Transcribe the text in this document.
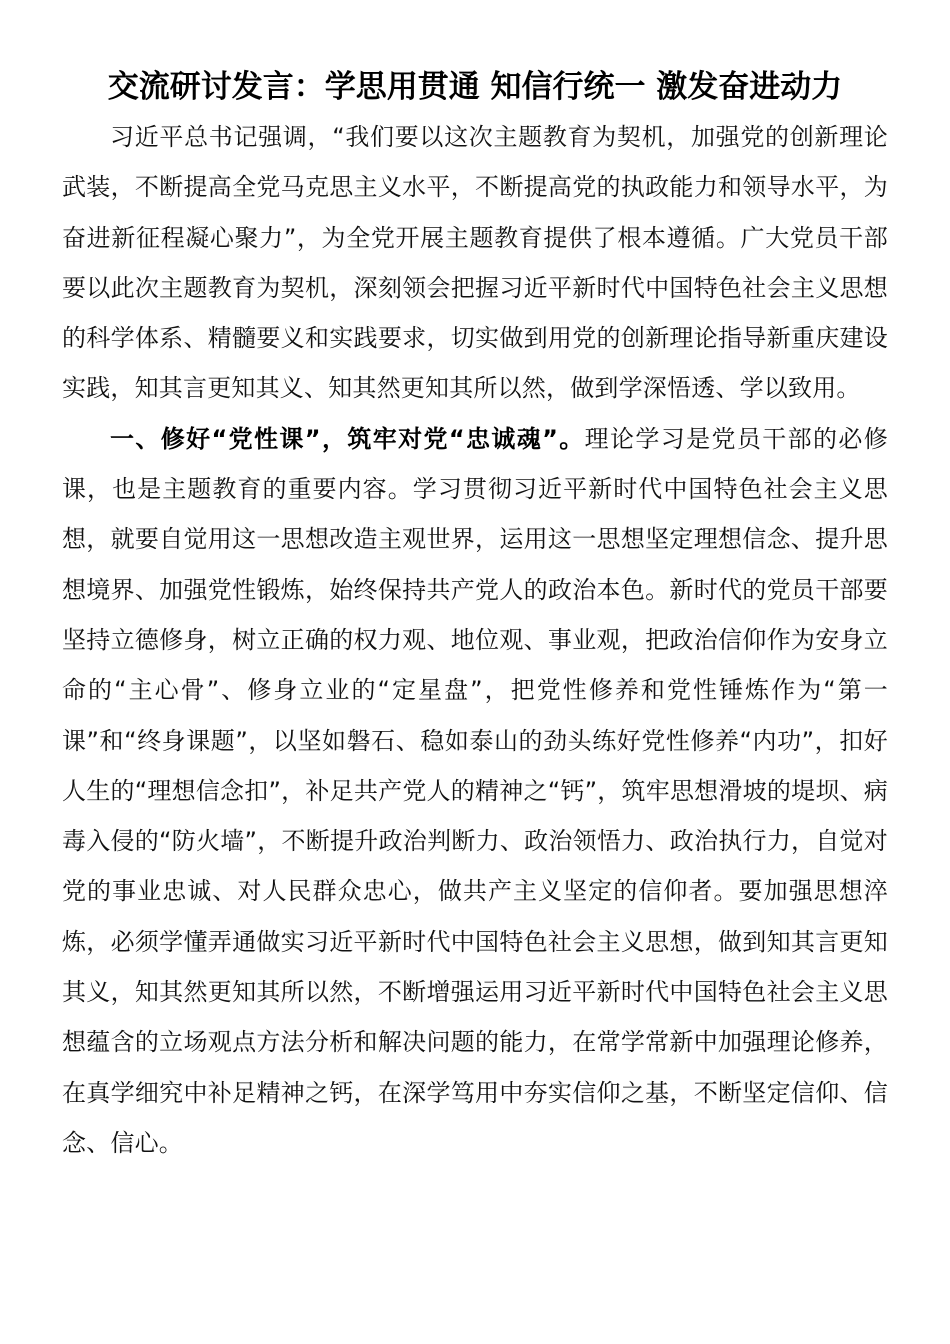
交流研讨发言：学思用贯通 知信行统一 激发奋进动力

习近平总书记强调，“我们要以这次主题教育为契机，加强党的创新理论武装，不断提高全党马克思主义水平，不断提高党的执政能力和领导水平，为奋进新征程凝心聚力”，为全党开展主题教育提供了根本遵循。广大党员干部要以此次主题教育为契机，深刻领会把握习近平新时代中国特色社会主义思想的科学体系、精髓要义和实践要求，切实做到用党的创新理论指导新重庆建设实践，知其言更知其义、知其然更知其所以然，做到学深悟透、学以致用。

一、修好“党性课”，筑牢对党“忠诚魂”。理论学习是党员干部的必修课，也是主题教育的重要内容。学习贯彻习近平新时代中国特色社会主义思想，就要自觉用这一思想改造主观世界，运用这一思想坚定理想信念、提升思想境界、加强党性锻炼，始终保持共产党人的政治本色。新时代的党员干部要坚持立德修身，树立正确的权力观、地位观、事业观，把政治信仰作为安身立命的“主心骨”、修身立业的“定星盘”，把党性修养和党性锤炼作为“第一课”和“终身课题”，以坚如磐石、稳如泰山的劲头练好党性修养“内功”，扣好人生的“理想信念扣”，补足共产党人的精神之“钙”，筑牢思想滑坡的堤坝、病毒入侵的“防火墙”，不断提升政治判断力、政治领悟力、政治执行力，自觉对党的事业忠诚、对人民群众忠心，做共产主义坚定的信仰者。要加强思想淬炼，必须学懂弄通做实习近平新时代中国特色社会主义思想，做到知其言更知其义，知其然更知其所以然，不断增强运用习近平新时代中国特色社会主义思想蕴含的立场观点方法分析和解决问题的能力，在常学常新中加强理论修养，在真学细究中补足精神之钙，在深学笃用中夯实信仰之基，不断坚定信仰、信念、信心。
